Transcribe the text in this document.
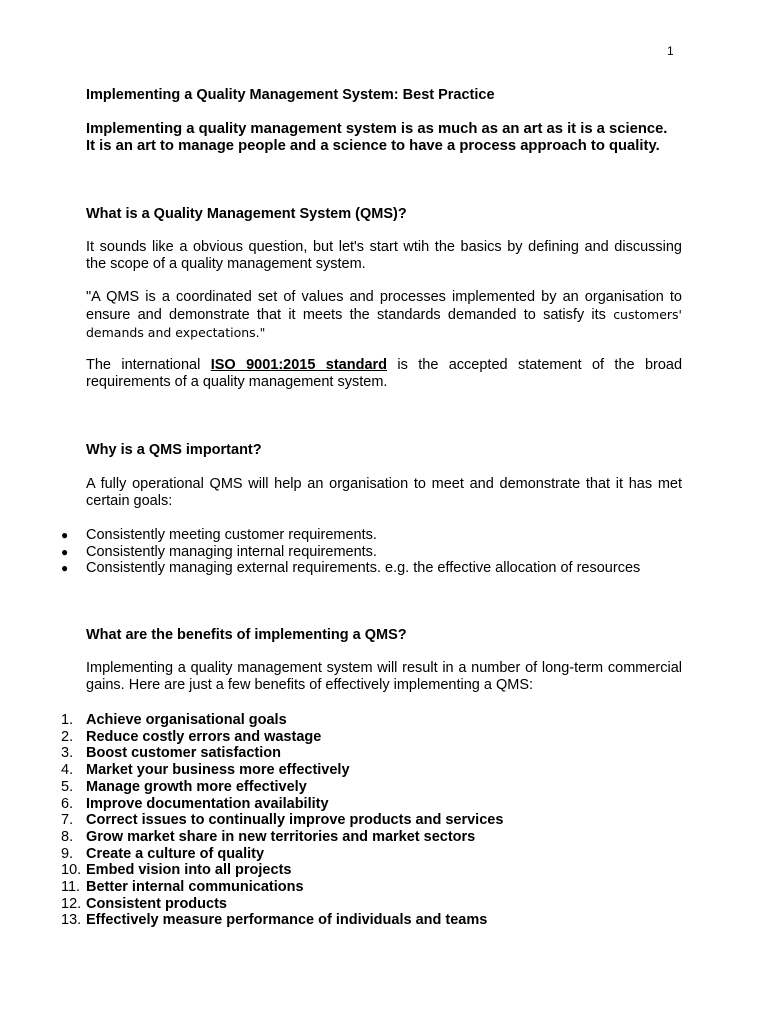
1
Implementing a Quality Management System: Best Practice

Implementing a quality management system is as much as an art as it is a science.

It is an art to manage people and a science to have a process approach to quality.

What is a Quality Management System (QMS)?

It sounds like a obvious question, but let's start wtih the basics by defining and discussing the scope of a quality management system.

"A QMS is a coordinated set of values and processes implemented by an organisation to ensure and demonstrate that it meets the standards demanded to satisfy its customers' demands and expectations."

The international ISO 9001:2015 standard is the accepted statement of the broad requirements of a quality management system.

Why is a QMS important?

A fully operational QMS will help an organisation to meet and demonstrate that it has met certain goals:

● Consistently meeting customer requirements.
● Consistently managing internal requirements.
● Consistently managing external requirements. e.g. the effective allocation of resources
What are the benefits of implementing a QMS?

Implementing a quality management system will result in a number of long-term commercial gains. Here are just a few benefits of effectively implementing a QMS:

1. Achieve organisational goals
2. Reduce costly errors and wastage
3. Boost customer satisfaction
4. Market your business more effectively
5. Manage growth more effectively
6. Improve documentation availability
7. Correct issues to continually improve products and services
8. Grow market share in new territories and market sectors
9. Create a culture of quality
10. Embed vision into all projects
11. Better internal communications
12. Consistent products
13. Effectively measure performance of individuals and teams
